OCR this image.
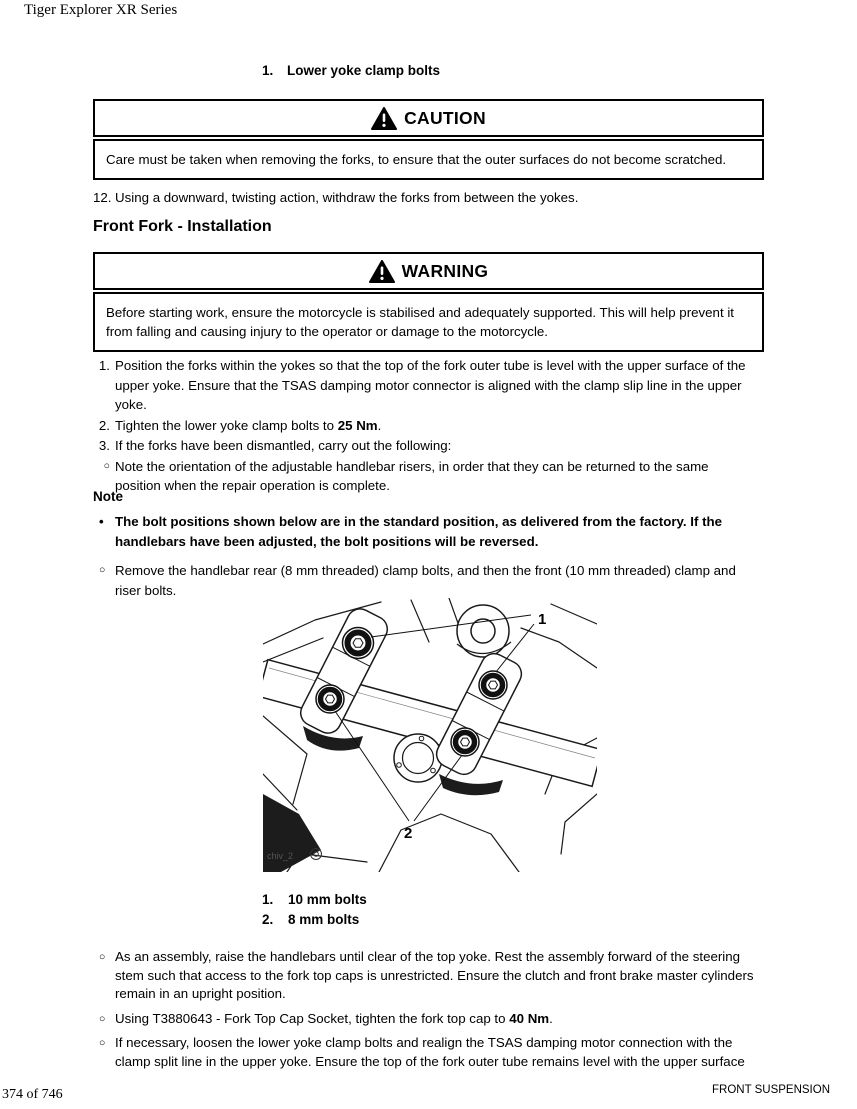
Tiger Explorer XR Series
1.	Lower yoke clamp bolts
CAUTION
Care must be taken when removing the forks, to ensure that the outer surfaces do not become scratched.
12. Using a downward, twisting action, withdraw the forks from between the yokes.
Front Fork - Installation
WARNING
Before starting work, ensure the motorcycle is stabilised and adequately supported. This will help prevent it from falling and causing injury to the operator or damage to the motorcycle.
1. Position the forks within the yokes so that the top of the fork outer tube is level with the upper surface of the upper yoke. Ensure that the TSAS damping motor connector is aligned with the clamp slip line in the upper yoke.
2. Tighten the lower yoke clamp bolts to 25 Nm.
3. If the forks have been dismantled, carry out the following:
○ Note the orientation of the adjustable handlebar risers, in order that they can be returned to the same position when the repair operation is complete.
Note
• The bolt positions shown below are in the standard position, as delivered from the factory. If the handlebars have been adjusted, the bolt positions will be reversed.
○ Remove the handlebar rear (8 mm threaded) clamp bolts, and then the front (10 mm threaded) clamp and riser bolts.
1
2
chiv_2
1.	10 mm bolts
2.	8 mm bolts
○ As an assembly, raise the handlebars until clear of the top yoke. Rest the assembly forward of the steering stem such that access to the fork top caps is unrestricted. Ensure the clutch and front brake master cylinders remain in an upright position.
○ Using T3880643 - Fork Top Cap Socket, tighten the fork top cap to 40 Nm.
○ If necessary, loosen the lower yoke clamp bolts and realign the TSAS damping motor connection with the clamp split line in the upper yoke. Ensure the top of the fork outer tube remains level with the upper surface
374 of 746	FRONT SUSPENSION
